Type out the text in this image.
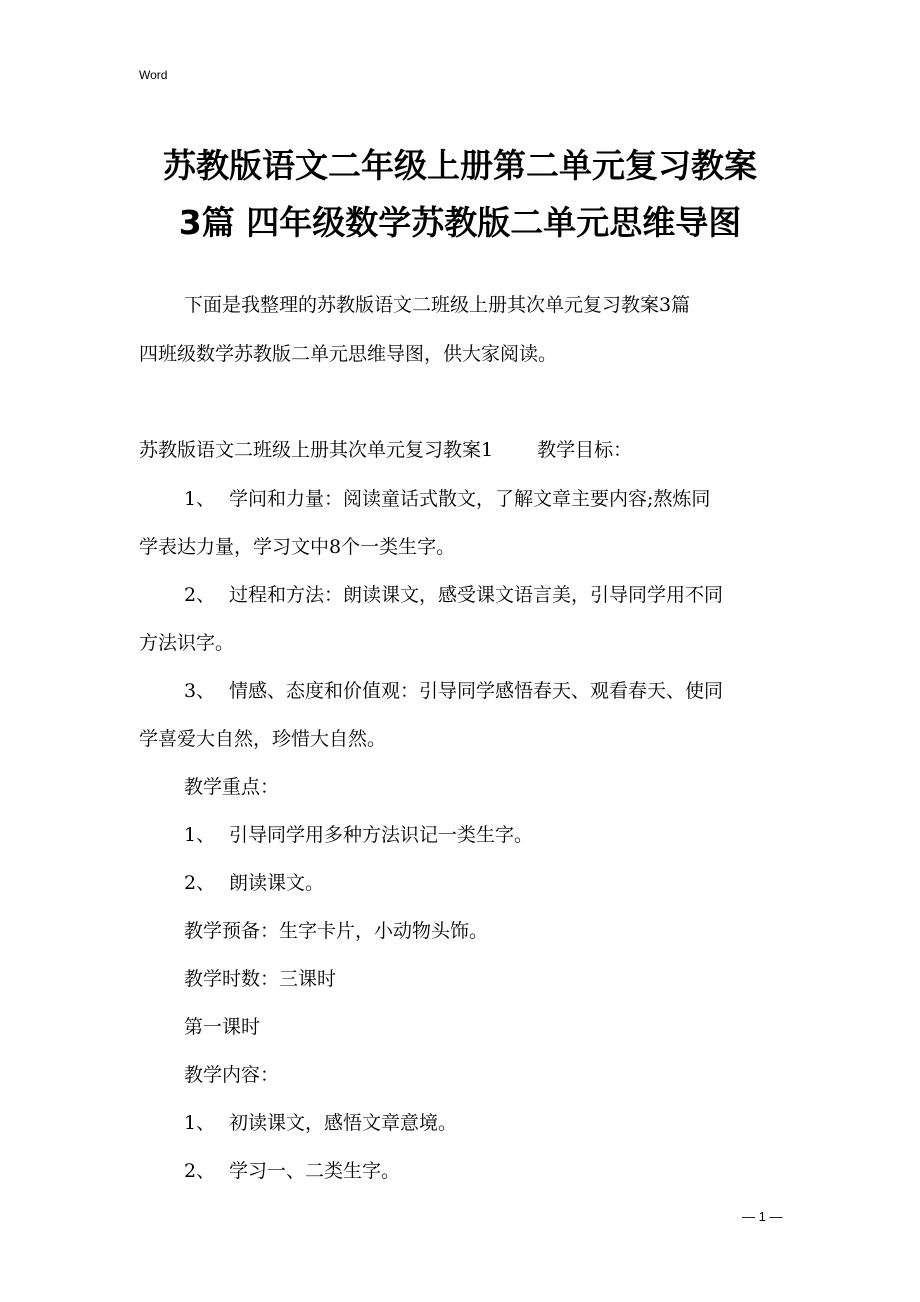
Word
苏教版语文二年级上册第二单元复习教案
3篇 四年级数学苏教版二单元思维导图
下面是我整理的苏教版语文二班级上册其次单元复习教案3篇
四班级数学苏教版二单元思维导图，供大家阅读。
苏教版语文二班级上册其次单元复习教案1 教学目标：
1、 学问和力量：阅读童话式散文，了解文章主要内容;熬炼同
学表达力量，学习文中8个一类生字。
2、 过程和方法：朗读课文，感受课文语言美，引导同学用不同
方法识字。
3、 情感、态度和价值观：引导同学感悟春天、观看春天、使同
学喜爱大自然，珍惜大自然。
教学重点：
1、 引导同学用多种方法识记一类生字。
2、 朗读课文。
教学预备：生字卡片，小动物头饰。
教学时数：三课时
第一课时
教学内容：
1、 初读课文，感悟文章意境。
2、 学习一、二类生字。
— 1 —
